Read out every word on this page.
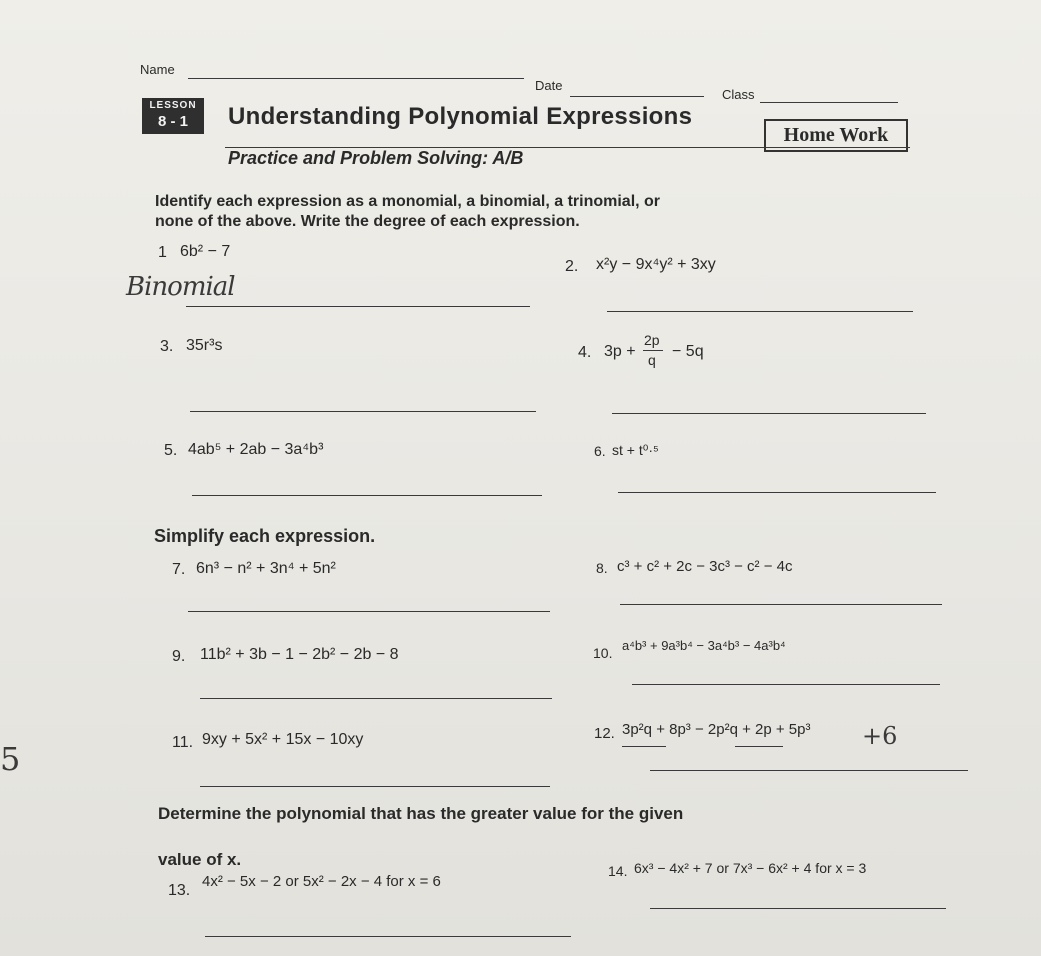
Name
Date
Class
LESSON
8 - 1	Understanding Polynomial Expressions
Home Work
Practice and Problem Solving: A/B
Identify each expression as a monomial, a binomial, a trinomial, or
none of the above. Write the degree of each expression.
1 6b² − 7
Binomial
2. x²y − 9x⁴y² + 3xy
3. 35r³s	4. 3p +
2p
q − 5q
5. 4ab⁵ + 2ab − 3a⁴b³	6. st + t⁰·⁵
Simplify each expression.
7. 6n³ − n² + 3n⁴ + 5n²	8. c³ + c² + 2c − 3c³ − c² − 4c
9. 11b² + 3b − 1 − 2b² − 2b − 8	10. a⁴b³ + 9a³b⁴ − 3a⁴b³ − 4a³b⁴
11. 9xy + 5x² + 15x − 10xy	12. 3p²q + 8p³ − 2p²q + 2p + 5p³ +6
5
Determine the polynomial that has the greater value for the given
value of x.
13.
4x² − 5x − 2 or 5x² − 2x − 4 for x = 6
14. 6x³ − 4x² + 7 or 7x³ − 6x² + 4 for x = 3
